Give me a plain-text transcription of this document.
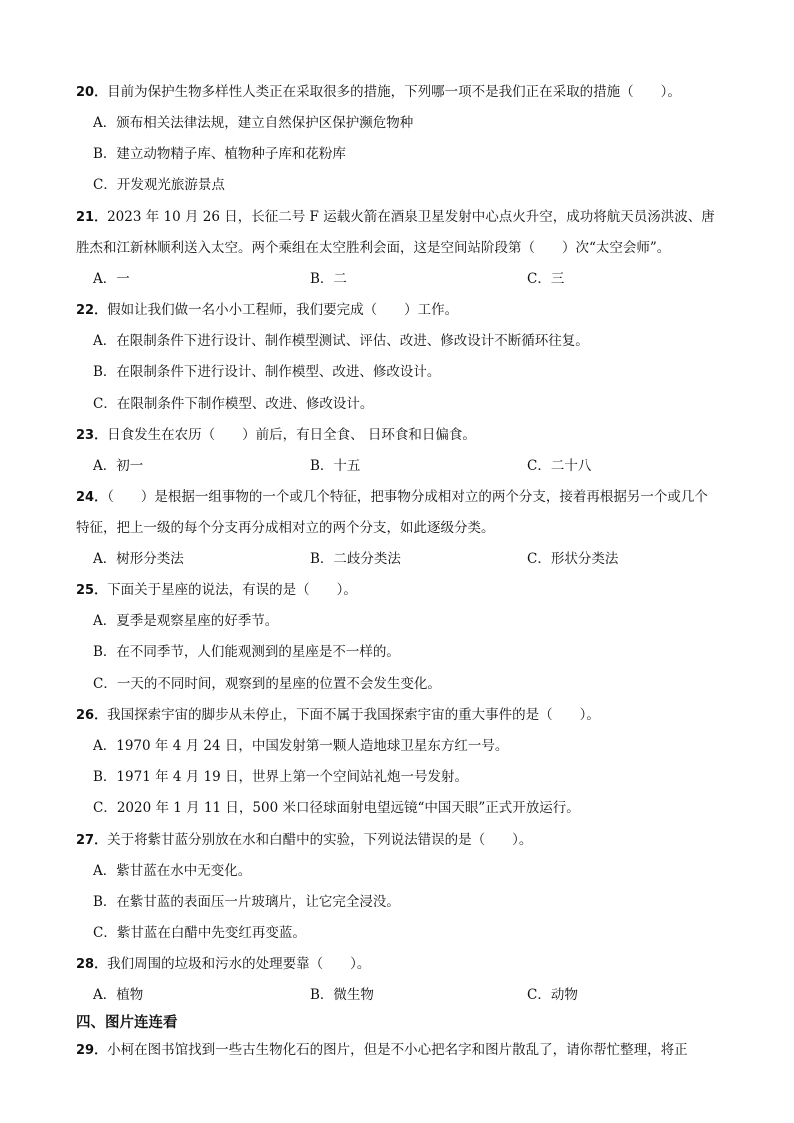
20．目前为保护生物多样性人类正在采取很多的措施，下列哪一项不是我们正在采取的措施（　　）。
A．颁布相关法律法规，建立自然保护区保护濒危物种
B．建立动物精子库、植物种子库和花粉库
C．开发观光旅游景点
21．2023 年 10 月 26 日，长征二号 F 运载火箭在酒泉卫星发射中心点火升空，成功将航天员汤洪波、唐
胜杰和江新林顺利送入太空。两个乘组在太空胜利会面，这是空间站阶段第（　　）次“太空会师”。
A．一	B．二	C．三
22．假如让我们做一名小小工程师，我们要完成（　　）工作。
A．在限制条件下进行设计、制作模型测试、评估、改进、修改设计不断循环往复。
B．在限制条件下进行设计、制作模型、改进、修改设计。
C．在限制条件下制作模型、改进、修改设计。
23．日食发生在农历（　　）前后，有日全食、 日环食和日偏食。
A．初一	B．十五	C．二十八
24．（　　）是根据一组事物的一个或几个特征，把事物分成相对立的两个分支，接着再根据另一个或几个
特征，把上一级的每个分支再分成相对立的两个分支，如此逐级分类。
A．树形分类法	B．二歧分类法	C．形状分类法
25．下面关于星座的说法，有误的是（　　）。
A．夏季是观察星座的好季节。
B．在不同季节，人们能观测到的星座是不一样的。
C．一天的不同时间，观察到的星座的位置不会发生变化。
26．我国探索宇宙的脚步从未停止，下面不属于我国探索宇宙的重大事件的是（　　）。
A．1970 年 4 月 24 日，中国发射第一颗人造地球卫星东方红一号。
B．1971 年 4 月 19 日，世界上第一个空间站礼炮一号发射。
C．2020 年 1 月 11 日，500 米口径球面射电望远镜“中国天眼”正式开放运行。
27．关于将紫甘蓝分别放在水和白醋中的实验，下列说法错误的是（　　）。
A．紫甘蓝在水中无变化。
B．在紫甘蓝的表面压一片玻璃片，让它完全浸没。
C．紫甘蓝在白醋中先变红再变蓝。
28．我们周围的垃圾和污水的处理要靠（　　）。
A．植物	B．微生物	C．动物
四、图片连连看
29．小柯在图书馆找到一些古生物化石的图片，但是不小心把名字和图片散乱了，请你帮忙整理，将正
